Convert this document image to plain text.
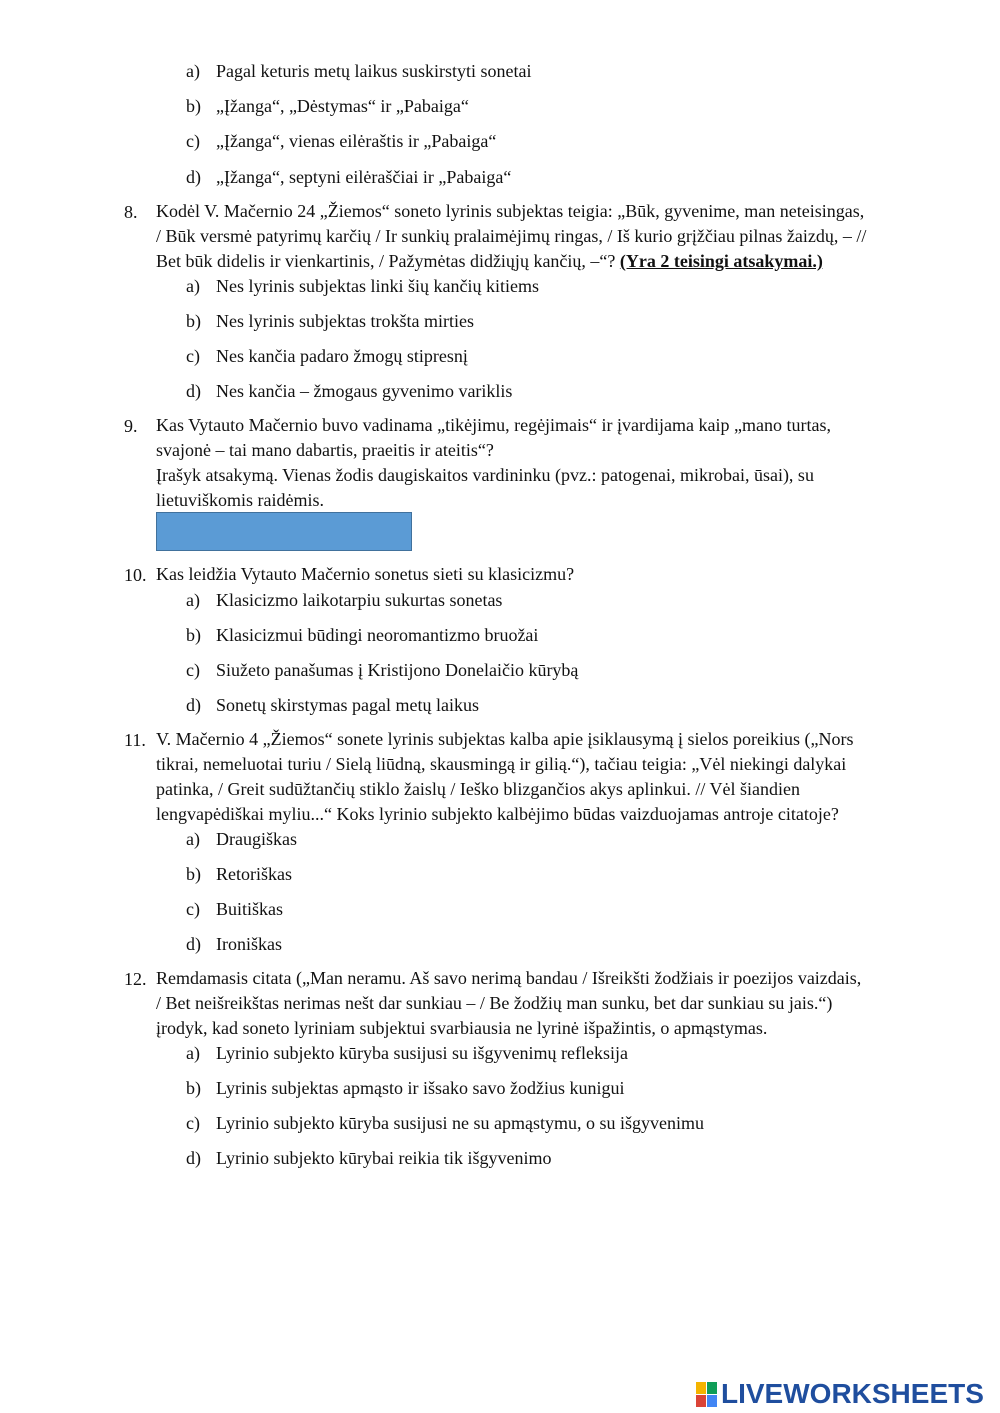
a) Pagal keturis metų laikus suskirstyti sonetai
b) „Įžanga“, „Dėstymas“ ir „Pabaiga“
c) „Įžanga“, vienas eilėraštis ir „Pabaiga“
d) „Įžanga“, septyni eilėraščiai ir „Pabaiga“
8. Kodėl V. Mačernio 24 „Žiemos“ soneto lyrinis subjektas teigia: „Būk, gyvenime, man neteisingas,
/ Būk versmė patyrimų karčių / Ir sunkių pralaimėjimų ringas, / Iš kurio grįžčiau pilnas žaizdų, – //
Bet būk didelis ir vienkartinis, / Pažymėtas didžiųjų kančių, –“? (Yra 2 teisingi atsakymai.)
a) Nes lyrinis subjektas linki šių kančių kitiems
b) Nes lyrinis subjektas trokšta mirties
c) Nes kančia padaro žmogų stipresnį
d) Nes kančia – žmogaus gyvenimo variklis
9. Kas Vytauto Mačernio buvo vadinama „tikėjimu, regėjimais“ ir įvardijama kaip „mano turtas,
svajonė – tai mano dabartis, praeitis ir ateitis“?
Įrašyk atsakymą. Vienas žodis daugiskaitos vardininku (pvz.: patogenai, mikrobai, ūsai), su
lietuviškomis raidėmis.
10. Kas leidžia Vytauto Mačernio sonetus sieti su klasicizmu?
a) Klasicizmo laikotarpiu sukurtas sonetas
b) Klasicizmui būdingi neoromantizmo bruožai
c) Siužeto panašumas į Kristijono Donelaičio kūrybą
d) Sonetų skirstymas pagal metų laikus
11. V. Mačernio 4 „Žiemos“ sonete lyrinis subjektas kalba apie įsiklausymą į sielos poreikius („Nors
tikrai, nemeluotai turiu / Sielą liūdną, skausmingą ir gilią.“), tačiau teigia: „Vėl niekingi dalykai
patinka, / Greit sudūžtančių stiklo žaislų / Ieško blizgančios akys aplinkui. // Vėl šiandien
lengvapėdiškai myliu...“ Koks lyrinio subjekto kalbėjimo būdas vaizduojamas antroje citatoje?
a) Draugiškas
b) Retoriškas
c) Buitiškas
d) Ironiškas
12. Remdamasis citata („Man neramu. Aš savo nerimą bandau / Išreikšti žodžiais ir poezijos vaizdais,
/ Bet neišreikštas nerimas nešt dar sunkiau – / Be žodžių man sunku, bet dar sunkiau su jais.“)
įrodyk, kad soneto lyriniam subjektui svarbiausia ne lyrinė išpažintis, o apmąstymas.
a) Lyrinio subjekto kūryba susijusi su išgyvenimų refleksija
b) Lyrinis subjektas apmąsto ir išsako savo žodžius kunigui
c) Lyrinio subjekto kūryba susijusi ne su apmąstymu, o su išgyvenimu
d) Lyrinio subjekto kūrybai reikia tik išgyvenimo
LIVEWORKSHEETS
